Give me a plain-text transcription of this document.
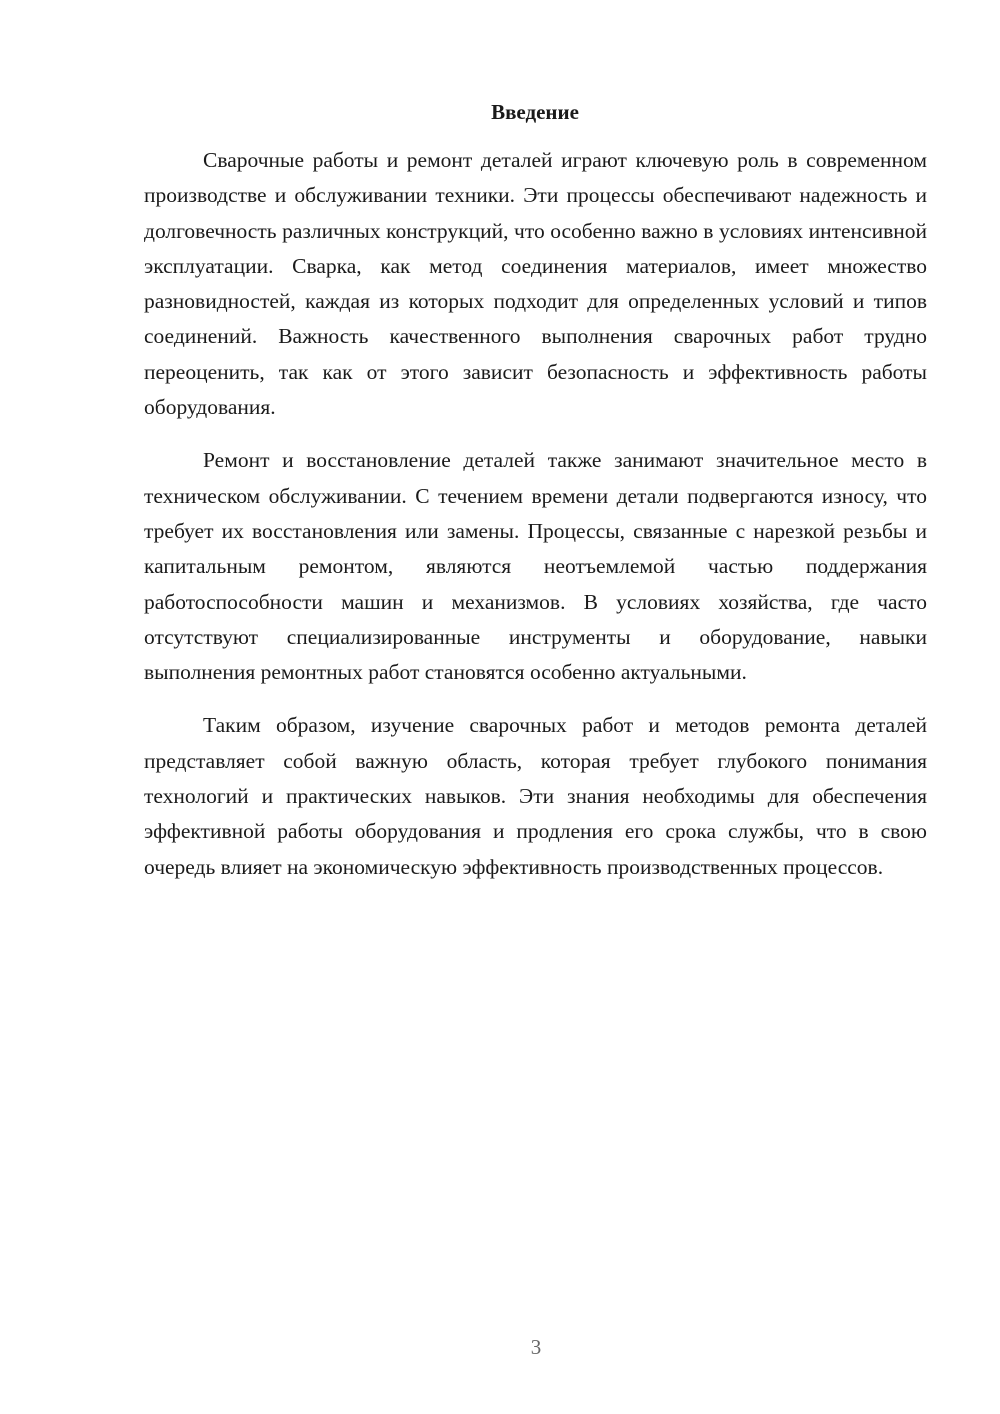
Введение

Сварочные работы и ремонт деталей играют ключевую роль в современном производстве и обслуживании техники. Эти процессы обеспечивают надежность и долговечность различных конструкций, что особенно важно в условиях интенсивной эксплуатации. Сварка, как метод соединения материалов, имеет множество разновидностей, каждая из которых подходит для определенных условий и типов соединений. Важность качественного выполнения сварочных работ трудно переоценить, так как от этого зависит безопасность и эффективность работы оборудования.

Ремонт и восстановление деталей также занимают значительное место в техническом обслуживании. С течением времени детали подвергаются износу, что требует их восстановления или замены. Процессы, связанные с нарезкой резьбы и капитальным ремонтом, являются неотъемлемой частью поддержания работоспособности машин и механизмов. В условиях хозяйства, где часто отсутствуют специализированные инструменты и оборудование, навыки выполнения ремонтных работ становятся особенно актуальными.

Таким образом, изучение сварочных работ и методов ремонта деталей представляет собой важную область, которая требует глубокого понимания технологий и практических навыков. Эти знания необходимы для обеспечения эффективной работы оборудования и продления его срока службы, что в свою очередь влияет на экономическую эффективность производственных процессов.

3
